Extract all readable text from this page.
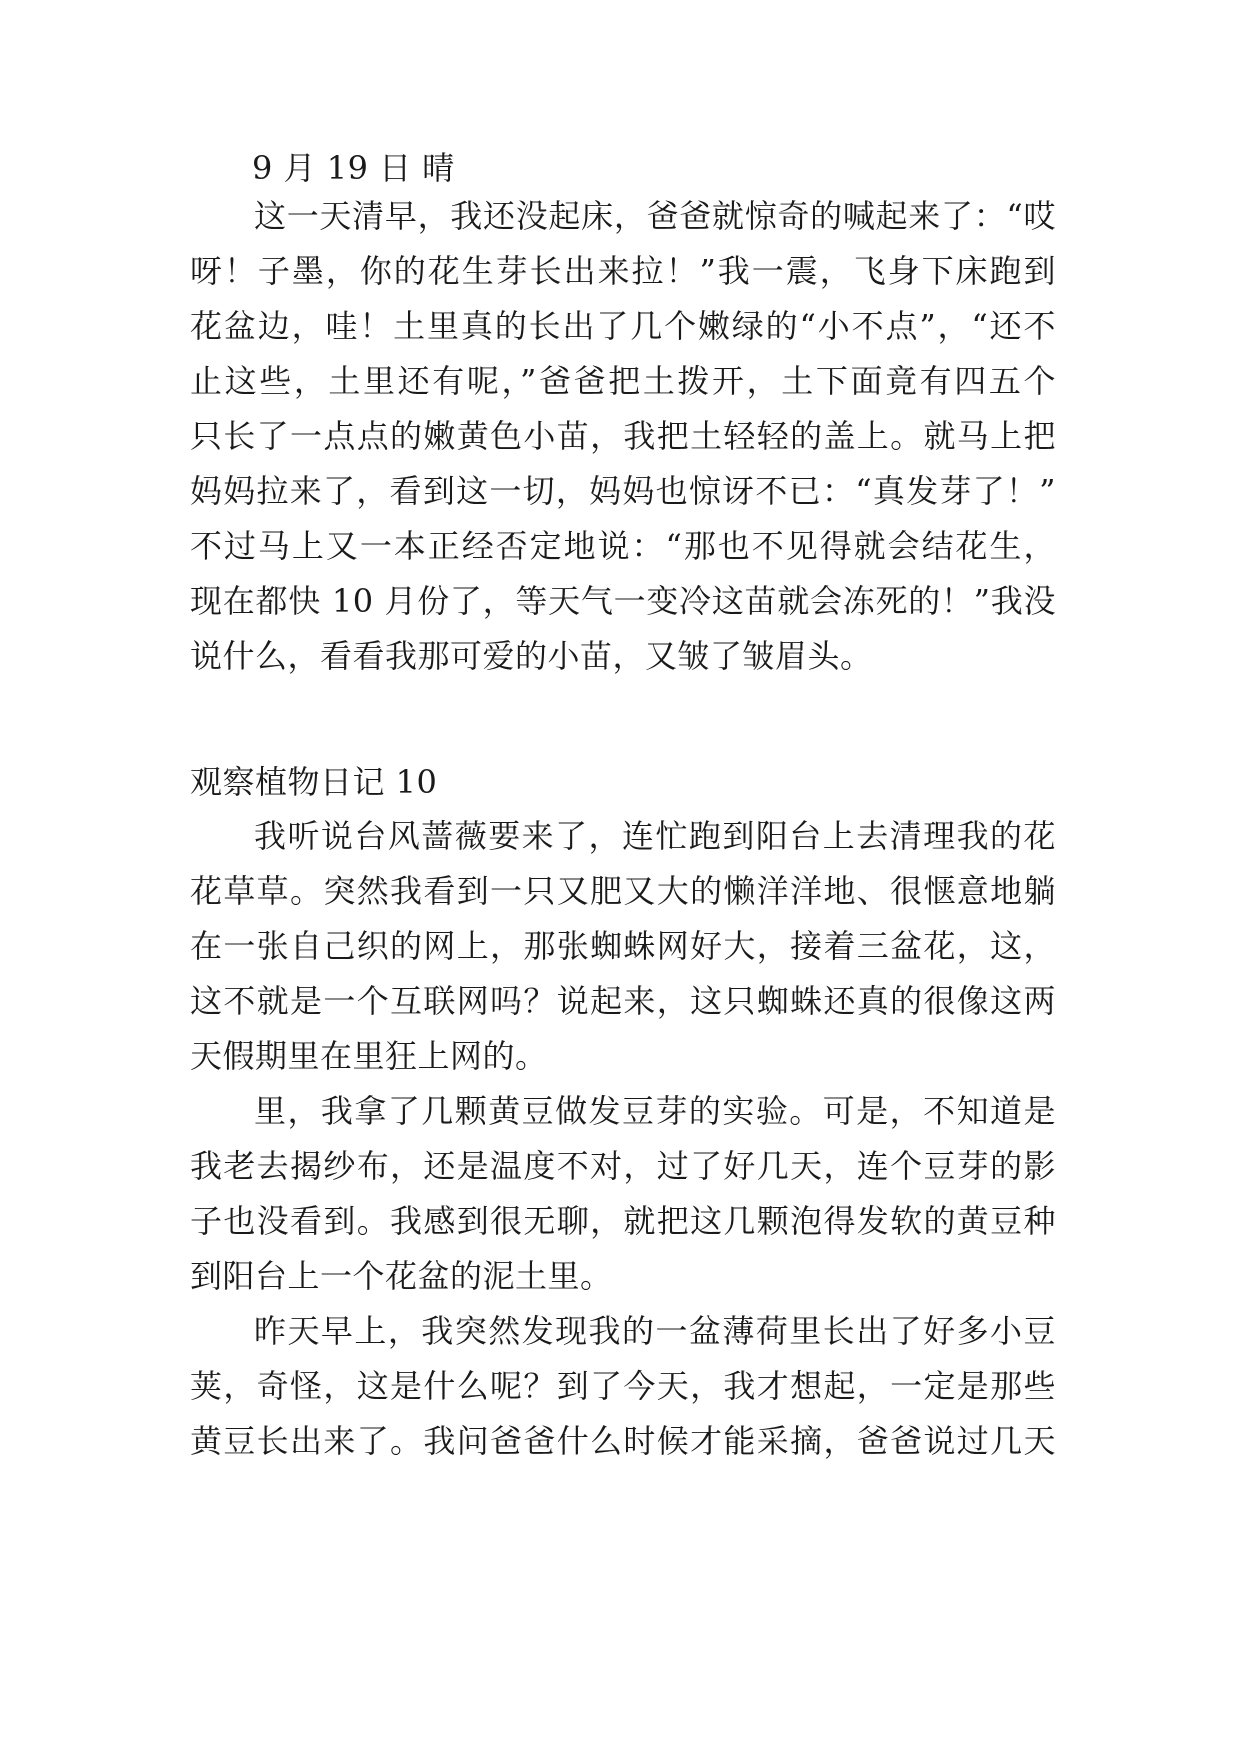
9 月 19 日 晴
这一天清早，我还没起床，爸爸就惊奇的喊起来了：“哎
呀！子墨，你的花生芽长出来拉！”我一震，飞身下床跑到
花盆边，哇！土里真的长出了几个嫩绿的“小不点”，“还不
止这些，土里还有呢，”爸爸把土拨开，土下面竟有四五个
只长了一点点的嫩黄色小苗，我把土轻轻的盖上。就马上把
妈妈拉来了，看到这一切，妈妈也惊讶不已：“真发芽了！”
不过马上又一本正经否定地说：“那也不见得就会结花生，
现在都快 10 月份了，等天气一变冷这苗就会冻死的！”我没
说什么，看看我那可爱的小苗，又皱了皱眉头。
观察植物日记 10
我听说台风蔷薇要来了，连忙跑到阳台上去清理我的花
花草草。突然我看到一只又肥又大的懒洋洋地、很惬意地躺
在一张自己织的网上，那张蜘蛛网好大，接着三盆花，这，
这不就是一个互联网吗？说起来，这只蜘蛛还真的很像这两
天假期里在里狂上网的。
里，我拿了几颗黄豆做发豆芽的实验。可是，不知道是
我老去揭纱布，还是温度不对，过了好几天，连个豆芽的影
子也没看到。我感到很无聊，就把这几颗泡得发软的黄豆种
到阳台上一个花盆的泥土里。
昨天早上，我突然发现我的一盆薄荷里长出了好多小豆
荚，奇怪，这是什么呢？到了今天，我才想起，一定是那些
黄豆长出来了。我问爸爸什么时候才能采摘，爸爸说过几天
